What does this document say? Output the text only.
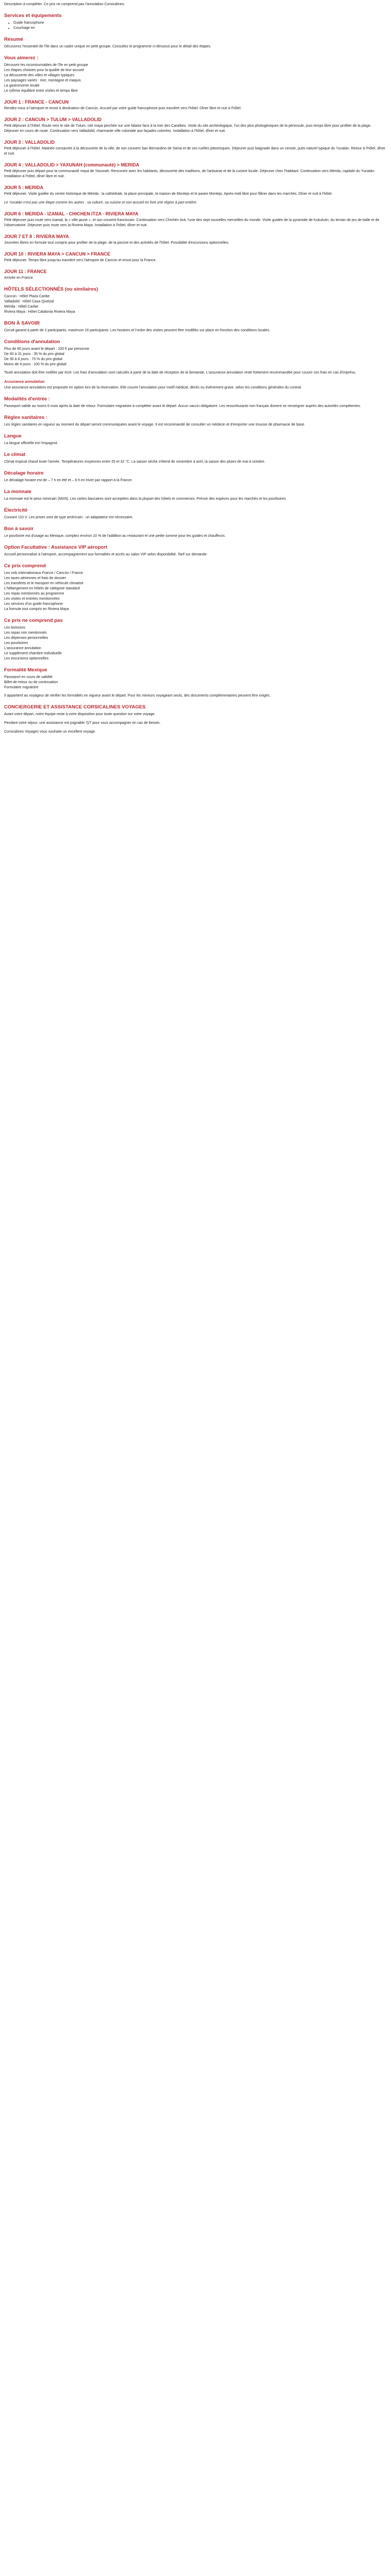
Description à compléter. Ce prix ne comprend pas l'annulation Corsicalines.

Services et équipements
• Guide francophone
• Couchage en
Résumé

Découvrez l'essentiel de l'île dans un cadre unique en petit groupe. Consultez le programme ci-dessous pour le détail des étapes.

Vous aimerez :
Découvrir les incontournables de l'île en petit groupe
Les étapes choisies pour la qualité de leur accueil
La découverte des villes et villages typiques
Les paysages variés : mer, montagne et maquis
La gastronomie locale
Le rythme équilibré entre visites et temps libre
JOUR 1 : FRANCE - CANCUN

Rendez-vous à l'aéroport et envol à destination de Cancún. Accueil par votre guide francophone puis transfert vers l'hôtel. Dîner libre et nuit à l'hôtel.

JOUR 2 : CANCUN > TULUM > VALLADOLID

Petit déjeuner à l'hôtel. Route vers le site de Tulum, cité maya perchée sur une falaise face à la mer des Caraïbes. Visite du site archéologique, l'un des plus photogéniques de la péninsule, puis temps libre pour profiter de la plage. Déjeuner en cours de route. Continuation vers Valladolid, charmante ville coloniale aux façades colorées. Installation à l'hôtel, dîner et nuit.

JOUR 3 : VALLADOLID

Petit déjeuner à l'hôtel. Matinée consacrée à la découverte de la ville, de son couvent San Bernardino de Siena et de ses ruelles pittoresques. Déjeuner puis baignade dans un cenote, puits naturel typique du Yucatán. Retour à l'hôtel, dîner et nuit.

JOUR 4 : VALLADOLID > YAXUNAH (communauté) > MERIDA

Petit déjeuner puis départ pour la communauté maya de Yaxunah. Rencontre avec les habitants, découverte des traditions, de l'artisanat et de la cuisine locale. Déjeuner chez l'habitant. Continuation vers Mérida, capitale du Yucatán. Installation à l'hôtel, dîner libre et nuit.

JOUR 5 : MERIDA

Petit déjeuner. Visite guidée du centre historique de Mérida : la cathédrale, la place principale, la maison de Montejo et le paseo Montejo. Après-midi libre pour flâner dans les marchés. Dîner et nuit à l'hôtel.

Le Yucatán n'est pas une étape comme les autres : sa culture, sa cuisine et son accueil en font une région à part entière.

JOUR 6 : MERIDA - IZAMAL - CHICHEN ITZA - RIVIERA MAYA

Petit déjeuner puis route vers Izamal, la « ville jaune », et son couvent franciscain. Continuation vers Chichén Itzá, l'une des sept nouvelles merveilles du monde. Visite guidée de la pyramide de Kukulcán, du terrain de jeu de balle et de l'observatoire. Déjeuner puis route vers la Riviera Maya. Installation à l'hôtel, dîner et nuit.

JOUR 7 ET 8 : RIVIERA MAYA

Journées libres en formule tout compris pour profiter de la plage, de la piscine et des activités de l'hôtel. Possibilité d'excursions optionnelles.

JOUR 10 : RIVIERA MAYA > CANCUN > FRANCE

Petit déjeuner. Temps libre jusqu'au transfert vers l'aéroport de Cancún et envol pour la France.

JOUR 11 : FRANCE

Arrivée en France.

HÔTELS SÉLECTIONNÉS (ou similaires)
Cancún : Hôtel Plaza Caribe
Valladolid : Hôtel Casa Quetzal
Mérida : Hôtel Caribe
Riviera Maya : Hôtel Catalonia Riviera Maya
BON À SAVOIR

Circuit garanti à partir de 2 participants, maximum 16 participants. Les horaires et l'ordre des visites peuvent être modifiés sur place en fonction des conditions locales.

Conditions d'annulation
Plus de 60 jours avant le départ : 100 € par personne
De 60 à 31 jours : 35 % du prix global
De 30 à 8 jours : 75 % du prix global
Moins de 8 jours : 100 % du prix global

Toute annulation doit être notifiée par écrit. Les frais d'annulation sont calculés à partir de la date de réception de la demande. L'assurance annulation reste fortement recommandée pour couvrir ces frais en cas d'imprévu.

Assurance annulation

Une assurance annulation est proposée en option lors de la réservation. Elle couvre l'annulation pour motif médical, décès ou événement grave, selon les conditions générales du contrat.

Modalités d'entrée :

Passeport valide au moins 6 mois après la date de retour. Formulaire migratoire à compléter avant le départ. Aucun vaccin obligatoire. Les ressortissants non français doivent se renseigner auprès des autorités compétentes.

Règles sanitaires :

Les règles sanitaires en vigueur au moment du départ seront communiquées avant le voyage. Il est recommandé de consulter un médecin et d'emporter une trousse de pharmacie de base.

Langue

La langue officielle est l'espagnol.

Le climat

Climat tropical chaud toute l'année. Températures moyennes entre 25 et 32 °C. La saison sèche s'étend de novembre à avril, la saison des pluies de mai à octobre.

Décalage horaire

Le décalage horaire est de – 7 h en été et – 6 h en hiver par rapport à la France.

La monnaie

La monnaie est le peso mexicain (MXN). Les cartes bancaires sont acceptées dans la plupart des hôtels et commerces. Prévoir des espèces pour les marchés et les pourboires.

Électricité

Courant 110 V. Les prises sont de type américain : un adaptateur est nécessaire.

Bon à savoir

Le pourboire est d'usage au Mexique, comptez environ 10 % de l'addition au restaurant et une petite somme pour les guides et chauffeurs.

Option Facultative : Assistance VIP aéroport

Accueil personnalisé à l'aéroport, accompagnement aux formalités et accès au salon VIP selon disponibilité. Tarif sur demande.

Ce prix comprend
Les vols internationaux France / Cancún / France
Les taxes aériennes et frais de dossier
Les transferts et le transport en véhicule climatisé
L'hébergement en hôtels de catégorie standard
Les repas mentionnés au programme
Les visites et entrées mentionnées
Les services d'un guide francophone
La formule tout compris en Riviera Maya
Ce prix ne comprend pas
Les boissons
Les repas non mentionnés
Les dépenses personnelles
Les pourboires
L'assurance annulation
Le supplément chambre individuelle
Les excursions optionnelles
Formalité Mexique
Passeport en cours de validité
Billet de retour ou de continuation
Formulaire migratoire

Il appartient au voyageur de vérifier les formalités en vigueur avant le départ. Pour les mineurs voyageant seuls, des documents complémentaires peuvent être exigés.

CONCIERGERIE ET ASSISTANCE CORSICALINES VOYAGES

Avant votre départ, notre équipe reste à votre disposition pour toute question sur votre voyage.

Pendant votre séjour, une assistance est joignable 7j/7 pour vous accompagner en cas de besoin.

Corsicalines Voyages vous souhaite un excellent voyage.
